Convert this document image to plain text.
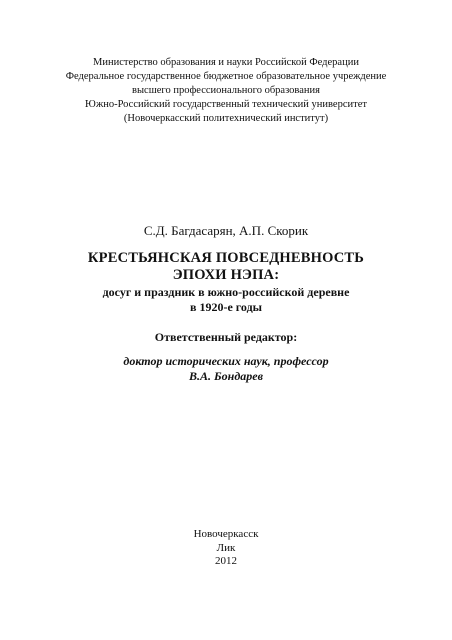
Министерство образования и науки Российской Федерации
Федеральное государственное бюджетное образовательное учреждение
высшего профессионального образования
Южно-Российский государственный технический университет
(Новочеркасский политехнический институт)
С.Д. Багдасарян, А.П. Скорик
КРЕСТЬЯНСКАЯ ПОВСЕДНЕВНОСТЬ
ЭПОХИ НЭПА:
досуг и праздник в южно-российской деревне
в 1920-е годы
Ответственный редактор:
доктор исторических наук, профессор
В.А. Бондарев
Новочеркасск
Лик
2012
